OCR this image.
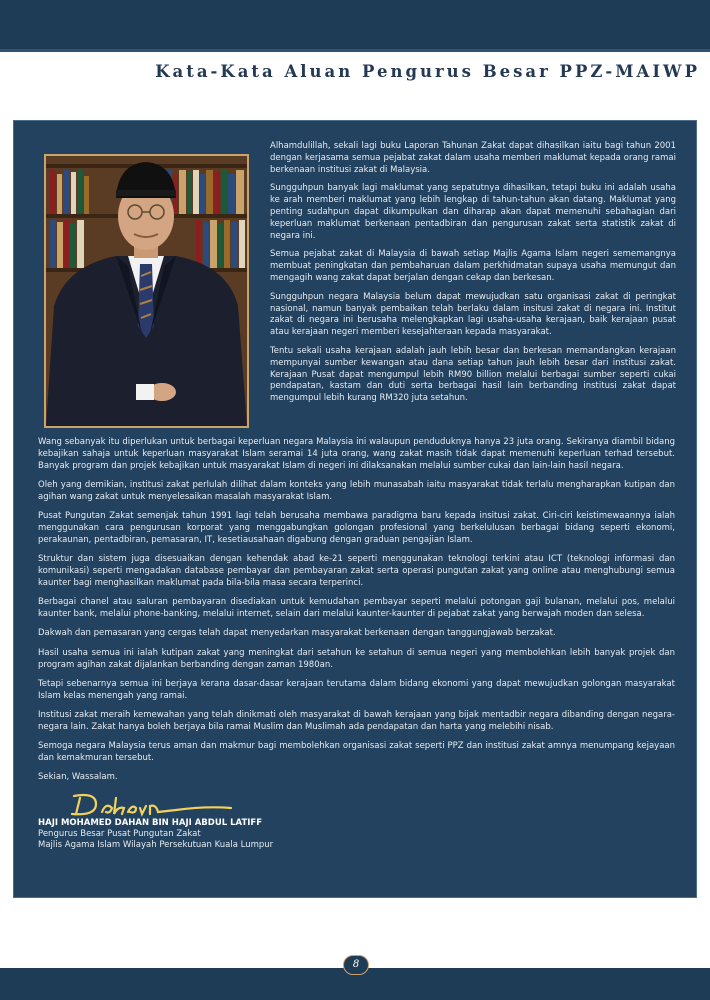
Kata-Kata Aluan Pengurus Besar PPZ-MAIWP

Alhamdulillah, sekali lagi buku Laporan Tahunan Zakat dapat dihasilkan iaitu bagi tahun 2001 dengan kerjasama semua pejabat zakat dalam usaha memberi maklumat kepada orang ramai berkenaan institusi zakat di Malaysia.

Sungguhpun banyak lagi maklumat yang sepatutnya dihasilkan, tetapi buku ini adalah usaha ke arah memberi maklumat yang lebih lengkap di tahun-tahun akan datang. Maklumat yang penting sudahpun dapat dikumpulkan dan diharap akan dapat memenuhi sebahagian dari keperluan maklumat berkenaan pentadbiran dan pengurusan zakat serta statistik zakat di negara ini.

Semua pejabat zakat di Malaysia di bawah setiap Majlis Agama Islam negeri sememangnya membuat peningkatan dan pembaharuan dalam perkhidmatan supaya usaha memungut dan mengagih wang zakat dapat berjalan dengan cekap dan berkesan.

Sungguhpun negara Malaysia belum dapat mewujudkan satu organisasi zakat di peringkat nasional, namun banyak pembaikan telah berlaku dalam insitusi zakat di negara ini. Institut zakat di negara ini berusaha melengkapkan lagi usaha-usaha kerajaan, baik kerajaan pusat atau kerajaan negeri memberi kesejahteraan kepada masyarakat.

Tentu sekali usaha kerajaan adalah jauh lebih besar dan berkesan memandangkan kerajaan mempunyai sumber kewangan atau dana setiap tahun jauh lebih besar dari institusi zakat. Kerajaan Pusat dapat mengumpul lebih RM90 billion melalui berbagai sumber seperti cukai pendapatan, kastam dan duti serta berbagai hasil lain berbanding institusi zakat dapat mengumpul lebih kurang RM320 juta setahun.

Wang sebanyak itu diperlukan untuk berbagai keperluan negara Malaysia ini walaupun penduduknya hanya 23 juta orang. Sekiranya diambil bidang kebajikan sahaja untuk keperluan masyarakat Islam seramai 14 juta orang, wang zakat masih tidak dapat memenuhi keperluan terhad tersebut. Banyak program dan projek kebajikan untuk masyarakat Islam di negeri ini dilaksanakan melalui sumber cukai dan lain-lain hasil negara.

Oleh yang demikian, institusi zakat perlulah dilihat dalam konteks yang lebih munasabah iaitu masyarakat tidak terlalu mengharapkan kutipan dan agihan wang zakat untuk menyelesaikan masalah masyarakat Islam.

Pusat Pungutan Zakat semenjak tahun 1991 lagi telah berusaha membawa paradigma baru kepada insitusi zakat. Ciri-ciri keistimewaannya ialah menggunakan cara pengurusan korporat yang menggabungkan golongan profesional yang berkelulusan berbagai bidang seperti ekonomi, perakaunan, pentadbiran, pemasaran, IT, kesetiausahaan digabung dengan graduan pengajian Islam.

Struktur dan sistem juga disesuaikan dengan kehendak abad ke-21 seperti menggunakan teknologi terkini atau ICT (teknologi informasi dan komunikasi) seperti mengadakan database pembayar dan pembayaran zakat serta operasi pungutan zakat yang online atau menghubungi semua kaunter bagi menghasilkan maklumat pada bila-bila masa secara terperinci.

Berbagai chanel atau saluran pembayaran disediakan untuk kemudahan pembayar seperti melalui potongan gaji bulanan, melalui pos, melalui kaunter bank, melalui phone-banking, melalui internet, selain dari melalui kaunter-kaunter di pejabat zakat yang berwajah moden dan selesa.

Dakwah dan pemasaran yang cergas telah dapat menyedarkan masyarakat berkenaan dengan tanggungjawab berzakat.

Hasil usaha semua ini ialah kutipan zakat yang meningkat dari setahun ke setahun di semua negeri yang membolehkan lebih banyak projek dan program agihan zakat dijalankan berbanding dengan zaman 1980an.

Tetapi sebenarnya semua ini berjaya kerana dasar-dasar kerajaan terutama dalam bidang ekonomi yang dapat mewujudkan golongan masyarakat Islam kelas menengah yang ramai.

Institusi zakat meraih kemewahan yang telah dinikmati oleh masyarakat di bawah kerajaan yang bijak mentadbir negara dibanding dengan negara-negara lain. Zakat hanya boleh berjaya bila ramai Muslim dan Muslimah ada pendapatan dan harta yang melebihi nisab.

Semoga negara Malaysia terus aman dan makmur bagi membolehkan organisasi zakat seperti PPZ dan institusi zakat amnya menumpang kejayaan dan kemakmuran tersebut.

Sekian, Wassalam.

HAJI MOHAMED DAHAN BIN HAJI ABDUL LATIFF
Pengurus Besar Pusat Pungutan Zakat
Majlis Agama Islam Wilayah Persekutuan Kuala Lumpur
8
